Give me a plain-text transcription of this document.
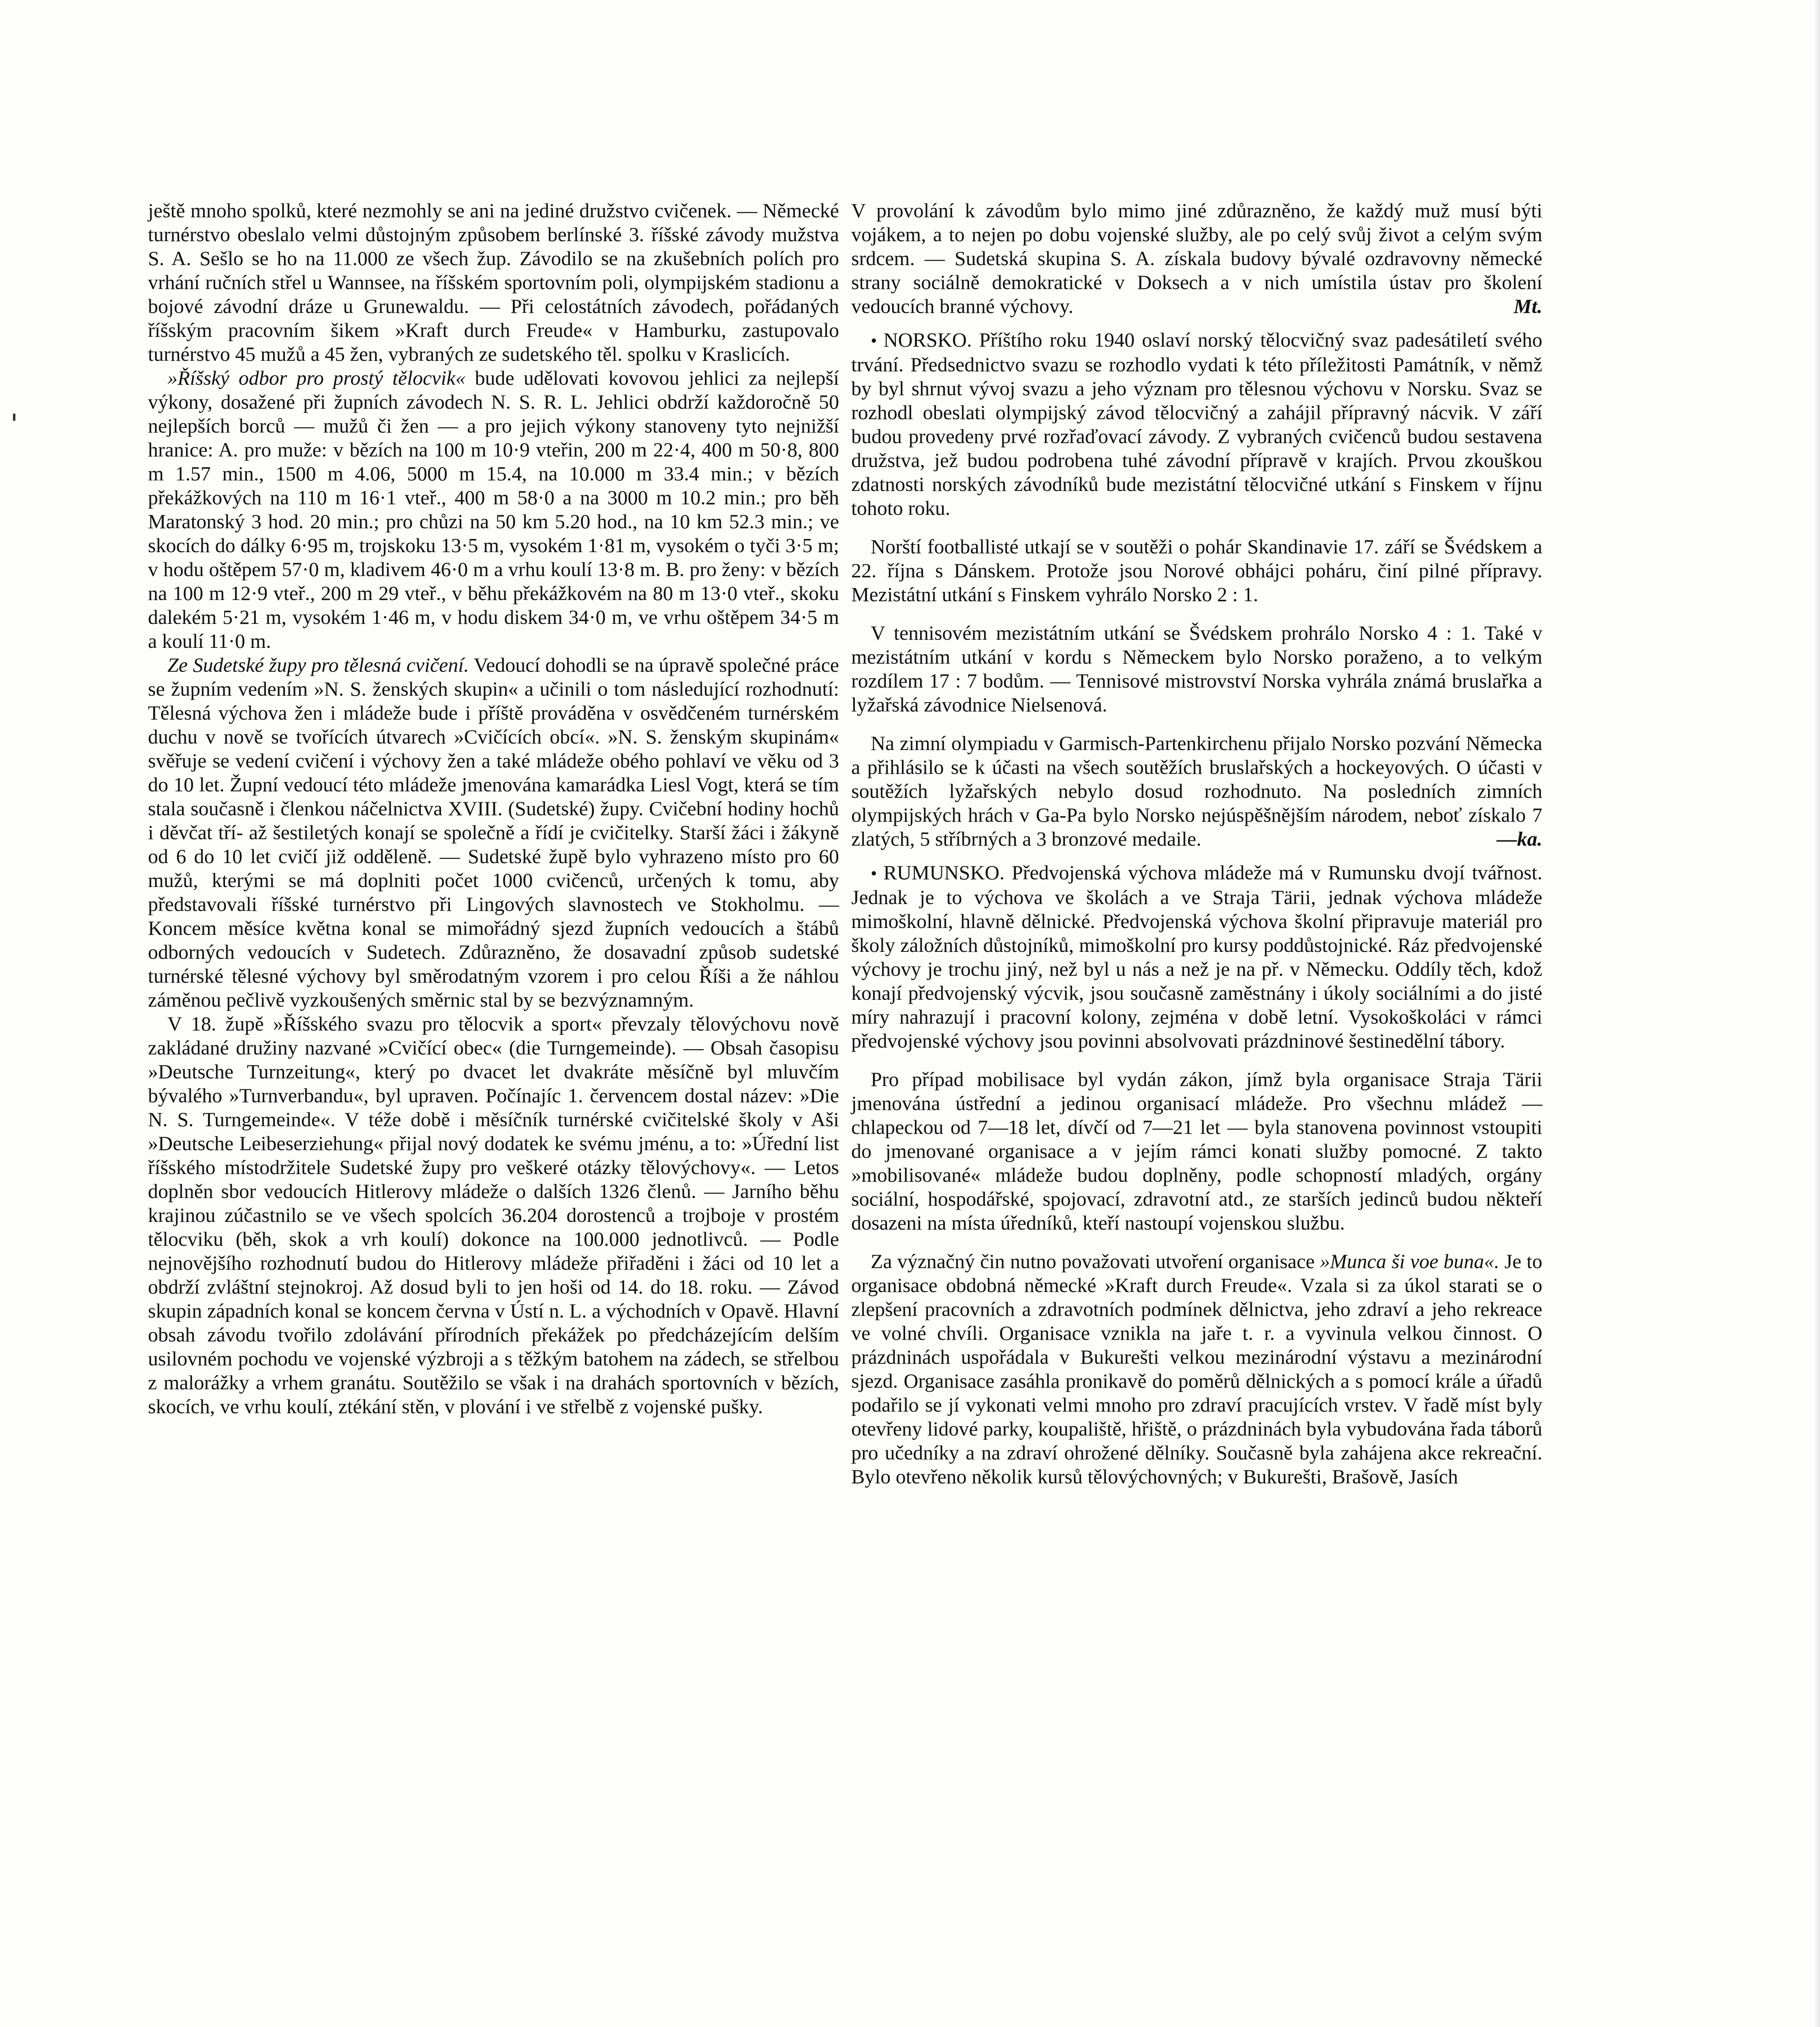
ještě mnoho spolků, které nezmohly se ani na jediné družstvo cvičenek. — Německé turnérstvo obeslalo velmi důstojným způsobem berlínské 3. říšské závody mužstva S. A. Sešlo se ho na 11.000 ze všech žup. Závodilo se na zkušebních polích pro vrhání ručních střel u Wannsee, na říšském sportovním poli, olympijském stadionu a bojové závodní dráze u Grunewaldu. — Při celostátních závodech, pořádaných říšským pracovním šikem »Kraft durch Freude« v Hamburku, zastupovalo turnérstvo 45 mužů a 45 žen, vybraných ze sudetského těl. spolku v Kraslicích.

»Říšský odbor pro prostý tělocvik« bude udělovati kovovou jehlici za nejlepší výkony, dosažené při župních závodech N. S. R. L. Jehlici obdrží každoročně 50 nejlepších borců — mužů či žen — a pro jejich výkony stanoveny tyto nejnižší hranice: A. pro muže: v bězích na 100 m 10·9 vteřin, 200 m 22·4, 400 m 50·8, 800 m 1.57 min., 1500 m 4.06, 5000 m 15.4, na 10.000 m 33.4 min.; v bězích překážkových na 110 m 16·1 vteř., 400 m 58·0 a na 3000 m 10.2 min.; pro běh Maratonský 3 hod. 20 min.; pro chůzi na 50 km 5.20 hod., na 10 km 52.3 min.; ve skocích do dálky 6·95 m, trojskoku 13·5 m, vysokém 1·81 m, vysokém o tyči 3·5 m; v hodu oštěpem 57·0 m, kladivem 46·0 m a vrhu koulí 13·8 m. B. pro ženy: v bězích na 100 m 12·9 vteř., 200 m 29 vteř., v běhu překážkovém na 80 m 13·0 vteř., skoku dalekém 5·21 m, vysokém 1·46 m, v hodu diskem 34·0 m, ve vrhu oštěpem 34·5 m a koulí 11·0 m.

Ze Sudetské župy pro tělesná cvičení. Vedoucí dohodli se na úpravě společné práce se župním vedením »N. S. ženských skupin« a učinili o tom následující rozhodnutí: Tělesná výchova žen i mládeže bude i příště prováděna v osvědčeném turnérském duchu v nově se tvořících útvarech »Cvičících obcí«. »N. S. ženským skupinám« svěřuje se vedení cvičení i výchovy žen a také mládeže obého pohlaví ve věku od 3 do 10 let. Župní vedoucí této mládeže jmenována kamarádka Liesl Vogt, která se tím stala současně i členkou náčelnictva XVIII. (Sudetské) župy. Cvičební hodiny hochů i děvčat tří- až šestiletých konají se společně a řídí je cvičitelky. Starší žáci i žákyně od 6 do 10 let cvičí již odděleně. — Sudetské župě bylo vyhrazeno místo pro 60 mužů, kterými se má doplniti počet 1000 cvičenců, určených k tomu, aby představovali říšské turnérstvo při Lingových slavnostech ve Stokholmu. — Koncem měsíce května konal se mimořádný sjezd župních vedoucích a štábů odborných vedoucích v Sudetech. Zdůrazněno, že dosavadní způsob sudetské turnérské tělesné výchovy byl směrodatným vzorem i pro celou Říši a že náhlou záměnou pečlivě vyzkoušených směrnic stal by se bezvýznamným.

V 18. župě »Říšského svazu pro tělocvik a sport« převzaly tělovýchovu nově zakládané družiny nazvané »Cvičící obec« (die Turngemeinde). — Obsah časopisu »Deutsche Turnzeitung«, který po dvacet let dvakráte měsíčně byl mluvčím bývalého »Turnverbandu«, byl upraven. Počínajíc 1. červencem dostal název: »Die N. S. Turngemeinde«. V téže době i měsíčník turnérské cvičitelské školy v Aši »Deutsche Leibeserziehung« přijal nový dodatek ke svému jménu, a to: »Úřední list říšského místodržitele Sudetské župy pro veškeré otázky tělovýchovy«. — Letos doplněn sbor vedoucích Hitlerovy mládeže o dalších 1326 členů. — Jarního běhu krajinou zúčastnilo se ve všech spolcích 36.204 dorostenců a trojboje v prostém tělocviku (běh, skok a vrh koulí) dokonce na 100.000 jednotlivců. — Podle nejnovějšího rozhodnutí budou do Hitlerovy mládeže přiřaděni i žáci od 10 let a obdrží zvláštní stejnokroj. Až dosud byli to jen hoši od 14. do 18. roku. — Závod skupin západních konal se koncem června v Ústí n. L. a východních v Opavě. Hlavní obsah závodu tvořilo zdolávání přírodních překážek po předcházejícím delším usilovném pochodu ve vojenské výzbroji a s těžkým batohem na zádech, se střelbou z malorážky a vrhem granátu. Soutěžilo se však i na drahách sportovních v bězích, skocích, ve vrhu koulí, ztékání stěn, v plování i ve střelbě z vojenské pušky.

V provolání k závodům bylo mimo jiné zdůrazněno, že každý muž musí býti vojákem, a to nejen po dobu vojenské služby, ale po celý svůj život a celým svým srdcem. — Sudetská skupina S. A. získala budovy bývalé ozdravovny německé strany sociálně demokratické v Doksech a v nich umístila ústav pro školení vedoucích branné výchovy.	Mt.

• NORSKO. Příštího roku 1940 oslaví norský tělocvičný svaz padesátiletí svého trvání. Předsednictvo svazu se rozhodlo vydati k této příležitosti Památník, v němž by byl shrnut vývoj svazu a jeho význam pro tělesnou výchovu v Norsku. Svaz se rozhodl obeslati olympijský závod tělocvičný a zahájil přípravný nácvik. V září budou provedeny prvé rozřaďovací závody. Z vybraných cvičenců budou sestavena družstva, jež budou podrobena tuhé závodní přípravě v krajích. Prvou zkouškou zdatnosti norských závodníků bude mezistátní tělocvičné utkání s Finskem v říjnu tohoto roku.

Norští footballisté utkají se v soutěži o pohár Skandinavie 17. září se Švédskem a 22. října s Dánskem. Protože jsou Norové obhájci poháru, činí pilné přípravy. Mezistátní utkání s Finskem vyhrálo Norsko 2 : 1.

V tennisovém mezistátním utkání se Švédskem prohrálo Norsko 4 : 1. Také v mezistátním utkání v kordu s Německem bylo Norsko poraženo, a to velkým rozdílem 17 : 7 bodům. — Tennisové mistrovství Norska vyhrála známá bruslařka a lyžařská závodnice Nielsenová.

Na zimní olympiadu v Garmisch-Partenkirchenu přijalo Norsko pozvání Německa a přihlásilo se k účasti na všech soutěžích bruslařských a hockeyových. O účasti v soutěžích lyžařských nebylo dosud rozhodnuto. Na posledních zimních olympijských hrách v Ga-Pa bylo Norsko nejúspěšnějším národem, neboť získalo 7 zlatých, 5 stříbrných a 3 bronzové medaile.	—ka.

• RUMUNSKO. Předvojenská výchova mládeže má v Rumunsku dvojí tvářnost. Jednak je to výchova ve školách a ve Straja Tärii, jednak výchova mládeže mimoškolní, hlavně dělnické. Předvojenská výchova školní připravuje materiál pro školy záložních důstojníků, mimoškolní pro kursy poddůstojnické. Ráz předvojenské výchovy je trochu jiný, než byl u nás a než je na př. v Německu. Oddíly těch, kdož konají předvojenský výcvik, jsou současně zaměstnány i úkoly sociálními a do jisté míry nahrazují i pracovní kolony, zejména v době letní. Vysokoškoláci v rámci předvojenské výchovy jsou povinni absolvovati prázdninové šestinedělní tábory.

Pro případ mobilisace byl vydán zákon, jímž byla organisace Straja Tärii jmenována ústřední a jedinou organisací mládeže. Pro všechnu mládež — chlapeckou od 7—18 let, dívčí od 7—21 let — byla stanovena povinnost vstoupiti do jmenované organisace a v jejím rámci konati služby pomocné. Z takto »mobilisované« mládeže budou doplněny, podle schopností mladých, orgány sociální, hospodářské, spojovací, zdravotní atd., ze starších jedinců budou někteří dosazeni na místa úředníků, kteří nastoupí vojenskou službu.

Za význačný čin nutno považovati utvoření organisace »Munca ši voe buna«. Je to organisace obdobná německé »Kraft durch Freude«. Vzala si za úkol starati se o zlepšení pracovních a zdravotních podmínek dělnictva, jeho zdraví a jeho rekreace ve volné chvíli. Organisace vznikla na jaře t. r. a vyvinula velkou činnost. O prázdninách uspořádala v Bukurešti velkou mezinárodní výstavu a mezinárodní sjezd. Organisace zasáhla pronikavě do poměrů dělnických a s pomocí krále a úřadů podařilo se jí vykonati velmi mnoho pro zdraví pracujících vrstev. V řadě míst byly otevřeny lidové parky, koupaliště, hřiště, o prázdninách byla vybudována řada táborů pro učedníky a na zdraví ohrožené dělníky. Současně byla zahájena akce rekreační. Bylo otevřeno několik kursů tělovýchovných; v Bukurešti, Brašově, Jasích
